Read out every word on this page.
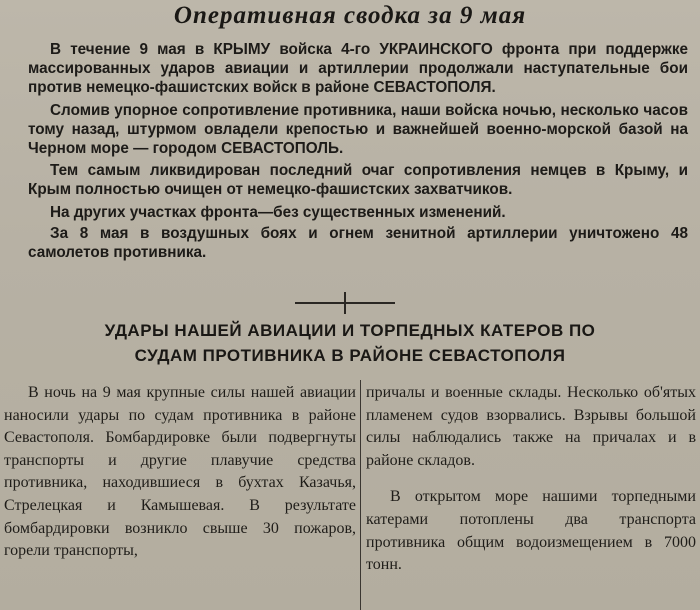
Оперативная сводка за 9 мая

В течение 9 мая в КРЫМУ войска 4-го УКРАИНСКОГО фронта при поддержке массированных ударов авиации и артиллерии продолжали наступательные бои против немецко-фашистских войск в районе СЕВАСТОПОЛЯ.

Сломив упорное сопротивление противника, наши войска ночью, несколько часов тому назад, штурмом овладели крепостью и важнейшей военно-морской базой на Черном море — городом СЕВАСТОПОЛЬ.

Тем самым ликвидирован последний очаг сопротивления немцев в Крыму, и Крым полностью очищен от немецко-фашистских захватчиков.

На других участках фронта—без существенных изменений.

За 8 мая в воздушных боях и огнем зенитной артиллерии уничтожено 48 самолетов противника.

УДАРЫ НАШЕЙ АВИАЦИИ И ТОРПЕДНЫХ КАТЕРОВ ПО СУДАМ ПРОТИВНИКА В РАЙОНЕ СЕВАСТОПОЛЯ

В ночь на 9 мая крупные силы нашей авиации наносили удары по судам противника в районе Севастополя. Бомбардировке были подвергнуты транспорты и другие плавучие средства противника, находившиеся в бухтах Казачья, Стрелецкая и Камышевая. В результате бомбардировки возникло свыше 30 пожаров, горели транспорты,

причалы и военные склады. Несколько об'ятых пламенем судов взорвались. Взрывы большой силы наблюдались также на причалах и в районе складов.

В открытом море нашими торпедными катерами потоплены два транспорта противника общим водоизмещением в 7000 тонн.
